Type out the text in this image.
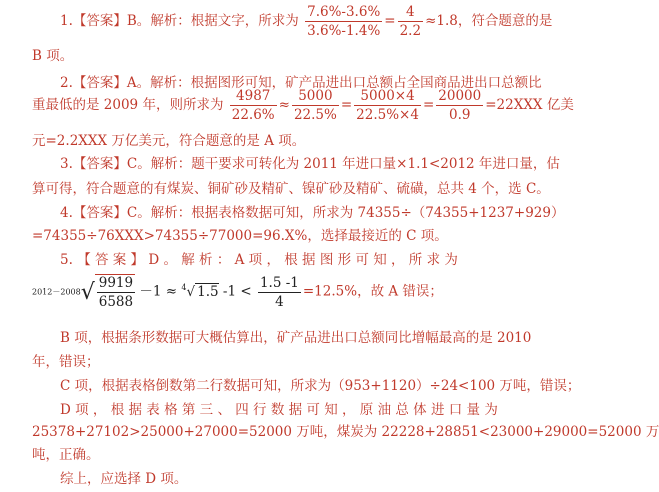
1.【答案】B。解析：根据文字，所求为 $\frac{7.6\%-3.6\%}{3.6\%-1.4\%} = \frac{4}{2.2} \approx 1.8$，符合题意的是
B 项。
2.【答案】A。解析：根据图形可知，矿产品进出口总额占全国商品进出口总额比
重最低的是 2009 年，则所求为 $\frac{4987}{22.6\%} \approx \frac{5000}{22.5\%} = \frac{5000\times 4}{22.5\%\times 4} = \frac{20000}{0.9} =22XXX$ 亿美
元=2.2XXX 万亿美元，符合题意的是 A 项。
3.【答案】C。解析：题干要求可转化为 2011 年进口量×1.1<2012 年进口量，估
算可得，符合题意的有煤炭、铜矿砂及精矿、镍矿砂及精矿、硫磺，总共 4 个，选 C。
4.【答案】C。解析：根据表格数据可知，所求为 74355÷（74355+1237+929）
=74355÷76XXX>74355÷77000=96.X%，选择最接近的 C 项。
5. 【 答 案 】 D 。 解 析 ： A 项 ， 根 据 图 形 可 知 ， 所 求 为
$2012-2008√ \frac{9919}{6588} -1 \approx ^4√$ 1.5 $-1 < \frac{1.5 -1}{4} =12.5\%$，故 A 错误；
B 项，根据条形数据可大概估算出，矿产品进出口总额同比增幅最高的是 2010
年，错误；
C 项，根据表格倒数第二行数据可知，所求为（953+1120）÷24<100 万吨，错误；
D 项 ， 根 据 表 格 第 三 、 四 行 数 据 可 知 ， 原 油 总 体 进 口 量 为
25378+27102>25000+27000=52000 万吨，煤炭为 22228+28851<23000+29000=52000 万
吨，正确。
综上，应选择 D 项。
